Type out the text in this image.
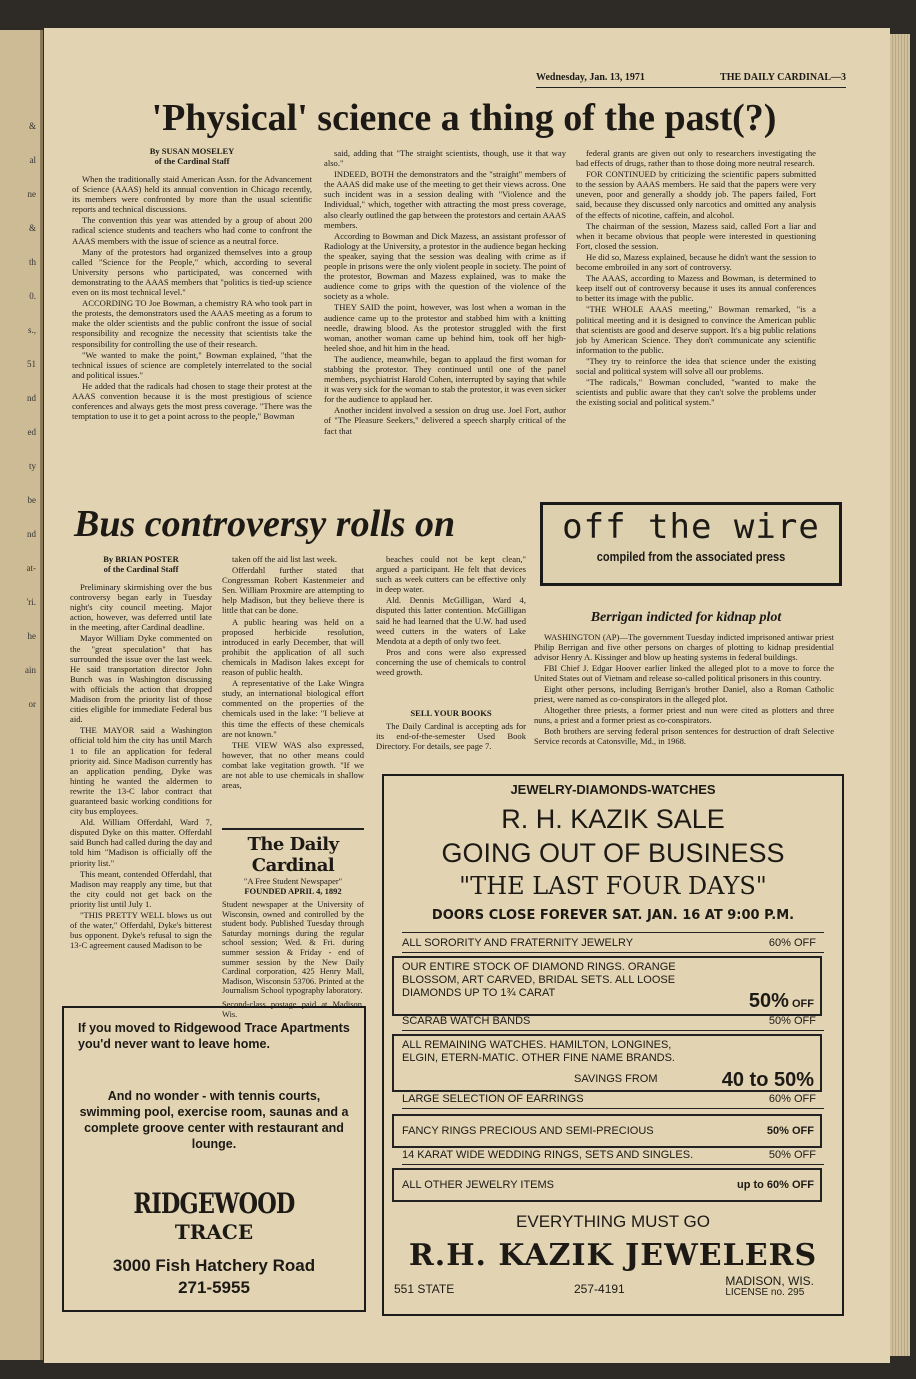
&
al
ne
&
th
0.
s.,
51
nd
ed
ty
be
nd
at-
'ri.
he
ain
or
Wednesday, Jan. 13, 1971	THE DAILY CARDINAL—3
'Physical' science a thing of the past(?)
By SUSAN MOSELEY
of the Cardinal Staff

When the traditionally staid American Assn. for the Advancement of Science (AAAS) held its annual convention in Chicago recently, its members were confronted by more than the usual scientific reports and technical discussions.

The convention this year was attended by a group of about 200 radical science students and teachers who had come to confront the AAAS members with the issue of science as a neutral force.

Many of the protestors had organized themselves into a group called "Science for the People," which, according to several University persons who participated, was concerned with demonstrating to the AAAS members that "politics is tied-up science even on its most technical level."

ACCORDING TO Joe Bowman, a chemistry RA who took part in the protests, the demonstrators used the AAAS meeting as a forum to make the older scientists and the public confront the issue of social responsibility and recognize the necessity that scientists take the responsibility for controlling the use of their research.

"We wanted to make the point," Bowman explained, "that the technical issues of science are completely interrelated to the social and political issues."

He added that the radicals had chosen to stage their protest at the AAAS convention because it is the most prestigious of science conferences and always gets the most press coverage. "There was the temptation to use it to get a point across to the people," Bowman

said, adding that "The straight scientists, though, use it that way also."

INDEED, BOTH the demonstrators and the "straight" members of the AAAS did make use of the meeting to get their views across. One such incident was in a session dealing with "Violence and the Individual," which, together with attracting the most press coverage, also clearly outlined the gap between the protestors and certain AAAS members.

According to Bowman and Dick Mazess, an assistant professor of Radiology at the University, a protestor in the audience began hecking the speaker, saying that the session was dealing with crime as if people in prisons were the only violent people in society. The point of the protestor, Bowman and Mazess explained, was to make the audience come to grips with the question of the violence of the society as a whole.

THEY SAID the point, however, was lost when a woman in the audience came up to the protestor and stabbed him with a knitting needle, drawing blood. As the protestor struggled with the first woman, another woman came up behind him, took off her high-heeled shoe, and hit him in the head.

The audience, meanwhile, began to applaud the first woman for stabbing the protestor. They continued until one of the panel members, psychiatrist Harold Cohen, interrupted by saying that while it was very sick for the woman to stab the protestor, it was even sicker for the audience to applaud her.

Another incident involved a session on drug use. Joel Fort, author of "The Pleasure Seekers," delivered a speech sharply critical of the fact that

federal grants are given out only to researchers investigating the bad effects of drugs, rather than to those doing more neutral research.

FOR CONTINUED by criticizing the scientific papers submitted to the session by AAAS members. He said that the papers were very uneven, poor and generally a shoddy job. The papers failed, Fort said, because they discussed only narcotics and omitted any analysis of the effects of nicotine, caffein, and alcohol.

The chairman of the session, Mazess said, called Fort a liar and when it became obvious that people were interested in questioning Fort, closed the session.

He did so, Mazess explained, because he didn't want the session to become embroiled in any sort of controversy.

The AAAS, according to Mazess and Bowman, is determined to keep itself out of controversy because it uses its annual conferences to better its image with the public.

"THE WHOLE AAAS meeting," Bowman remarked, "is a political meeting and it is designed to convince the American public that scientists are good and deserve support. It's a big public relations job by American Science. They don't communicate any scientific information to the public.

"They try to reinforce the idea that science under the existing social and political system will solve all our problems.

"The radicals," Bowman concluded, "wanted to make the scientists and public aware that they can't solve the problems under the existing social and political system."

Bus controversy rolls on	off the wire
compiled from the associated press
Berrigan indicted for kidnap plot

WASHINGTON (AP)—The government Tuesday indicted imprisoned antiwar priest Philip Berrigan and five other persons on charges of plotting to kidnap presidential advisor Henry A. Kissinger and blow up heating systems in federal buildings.

FBI Chief J. Edgar Hoover earlier linked the alleged plot to a move to force the United States out of Vietnam and release so-called political prisoners in this country.

Eight other persons, including Berrigan's brother Daniel, also a Roman Catholic priest, were named as co-conspirators in the alleged plot.

Altogether three priests, a former priest and nun were cited as plotters and three nuns, a priest and a former priest as co-conspirators.

Both brothers are serving federal prison sentences for destruction of draft Selective Service records at Catonsville, Md., in 1968.

By BRIAN POSTER
of the Cardinal Staff

Preliminary skirmishing over the bus controversy began early in Tuesday night's city council meeting. Major action, however, was deferred until late in the meeting, after Cardinal deadline.

Mayor William Dyke commented on the "great speculation" that has surrounded the issue over the last week. He said transportation director John Bunch was in Washington discussing with officials the action that dropped Madison from the priority list of those cities eligible for immediate Federal bus aid.

THE MAYOR said a Washington official told him the city has until March 1 to file an application for federal priority aid. Since Madison currently has an application pending, Dyke was hinting he wanted the aldermen to rewrite the 13-C labor contract that guaranteed basic working conditions for city bus employees.

Ald. William Offerdahl, Ward 7, disputed Dyke on this matter. Offerdahl said Bunch had called during the day and told him "Madison is officially off the priority list."

This meant, contended Offerdahl, that Madison may reapply any time, but that the city could not get back on the priority list until July 1.

"THIS PRETTY WELL blows us out of the water," Offerdahl, Dyke's bitterest bus opponent. Dyke's refusal to sign the 13-C agreement caused Madison to be

taken off the aid list last week.

Offerdahl further stated that Congressman Robert Kastenmeier and Sen. William Proxmire are attempting to help Madison, but they believe there is little that can be done.

A public hearing was held on a proposed herbicide resolution, introduced in early December, that will prohibit the application of all such chemicals in Madison lakes except for reason of public health.

A representative of the Lake Wingra study, an international biological effort commented on the properties of the chemicals used in the lake: "I believe at this time the effects of these chemicals are not known."

THE VIEW WAS also expressed, however, that no other means could combat lake vegitation growth. "If we are not able to use chemicals in shallow areas,

beaches could not be kept clean," argued a participant. He felt that devices such as week cutters can be effective only in deep water.

Ald. Dennis McGilligan, Ward 4, disputed this latter contention. McGilligan said he had learned that the U.W. had used weed cutters in the waters of Lake Mendota at a depth of only two feet.

Pros and cons were also expressed concerning the use of chemicals to control weed growth.

SELL YOUR BOOKS

The Daily Cardinal is accepting ads for its end-of-the-semester Used Book Directory. For details, see page 7.

The Daily Cardinal
"A Free Student Newspaper"
FOUNDED APRIL 4, 1892
Student newspaper at the University of Wisconsin, owned and controlled by the student body. Published Tuesday through Saturday mornings during the regular school session; Wed. & Fri. during summer session & Friday - end of summer session by the New Daily Cardinal corporation, 425 Henry Mall, Madison, Wisconsin 53706. Printed at the Journalism School typography laboratory.
Second-class postage paid at Madison, Wis.
If you moved to Ridgewood Trace Apartments you'd never want to leave home.
And no wonder - with tennis courts, swimming pool, exercise room, saunas and a complete groove center with restaurant and lounge.
RIDGEWOOD
TRACE
3000 Fish Hatchery Road
271-5955
JEWELRY-DIAMONDS-WATCHES
R. H. KAZIK SALE
GOING OUT OF BUSINESS
"THE LAST FOUR DAYS"
DOORS CLOSE FOREVER SAT. JAN. 16 AT 9:00 P.M.
ALL SORORITY AND FRATERNITY JEWELRY	60% OFF
OUR ENTIRE STOCK OF DIAMOND RINGS. ORANGE BLOSSOM, ART CARVED, BRIDAL SETS. ALL LOOSE DIAMONDS UP TO 1¾ CARAT	50% OFF
SCARAB WATCH BANDS	50% OFF
ALL REMAINING WATCHES. HAMILTON, LONGINES, ELGIN, ETERN-MATIC. OTHER FINE NAME BRANDS.
SAVINGS FROM	40 to 50%
LARGE SELECTION OF EARRINGS	60% OFF
FANCY RINGS PRECIOUS AND SEMI-PRECIOUS	50% OFF
14 KARAT WIDE WEDDING RINGS, SETS AND SINGLES.	50% OFF
ALL OTHER JEWELRY ITEMS	up to 60% OFF
EVERYTHING MUST GO
R.H. KAZIK JEWELERS
551 STATE	257-4191
MADISON, WIS.
LICENSE no. 295
